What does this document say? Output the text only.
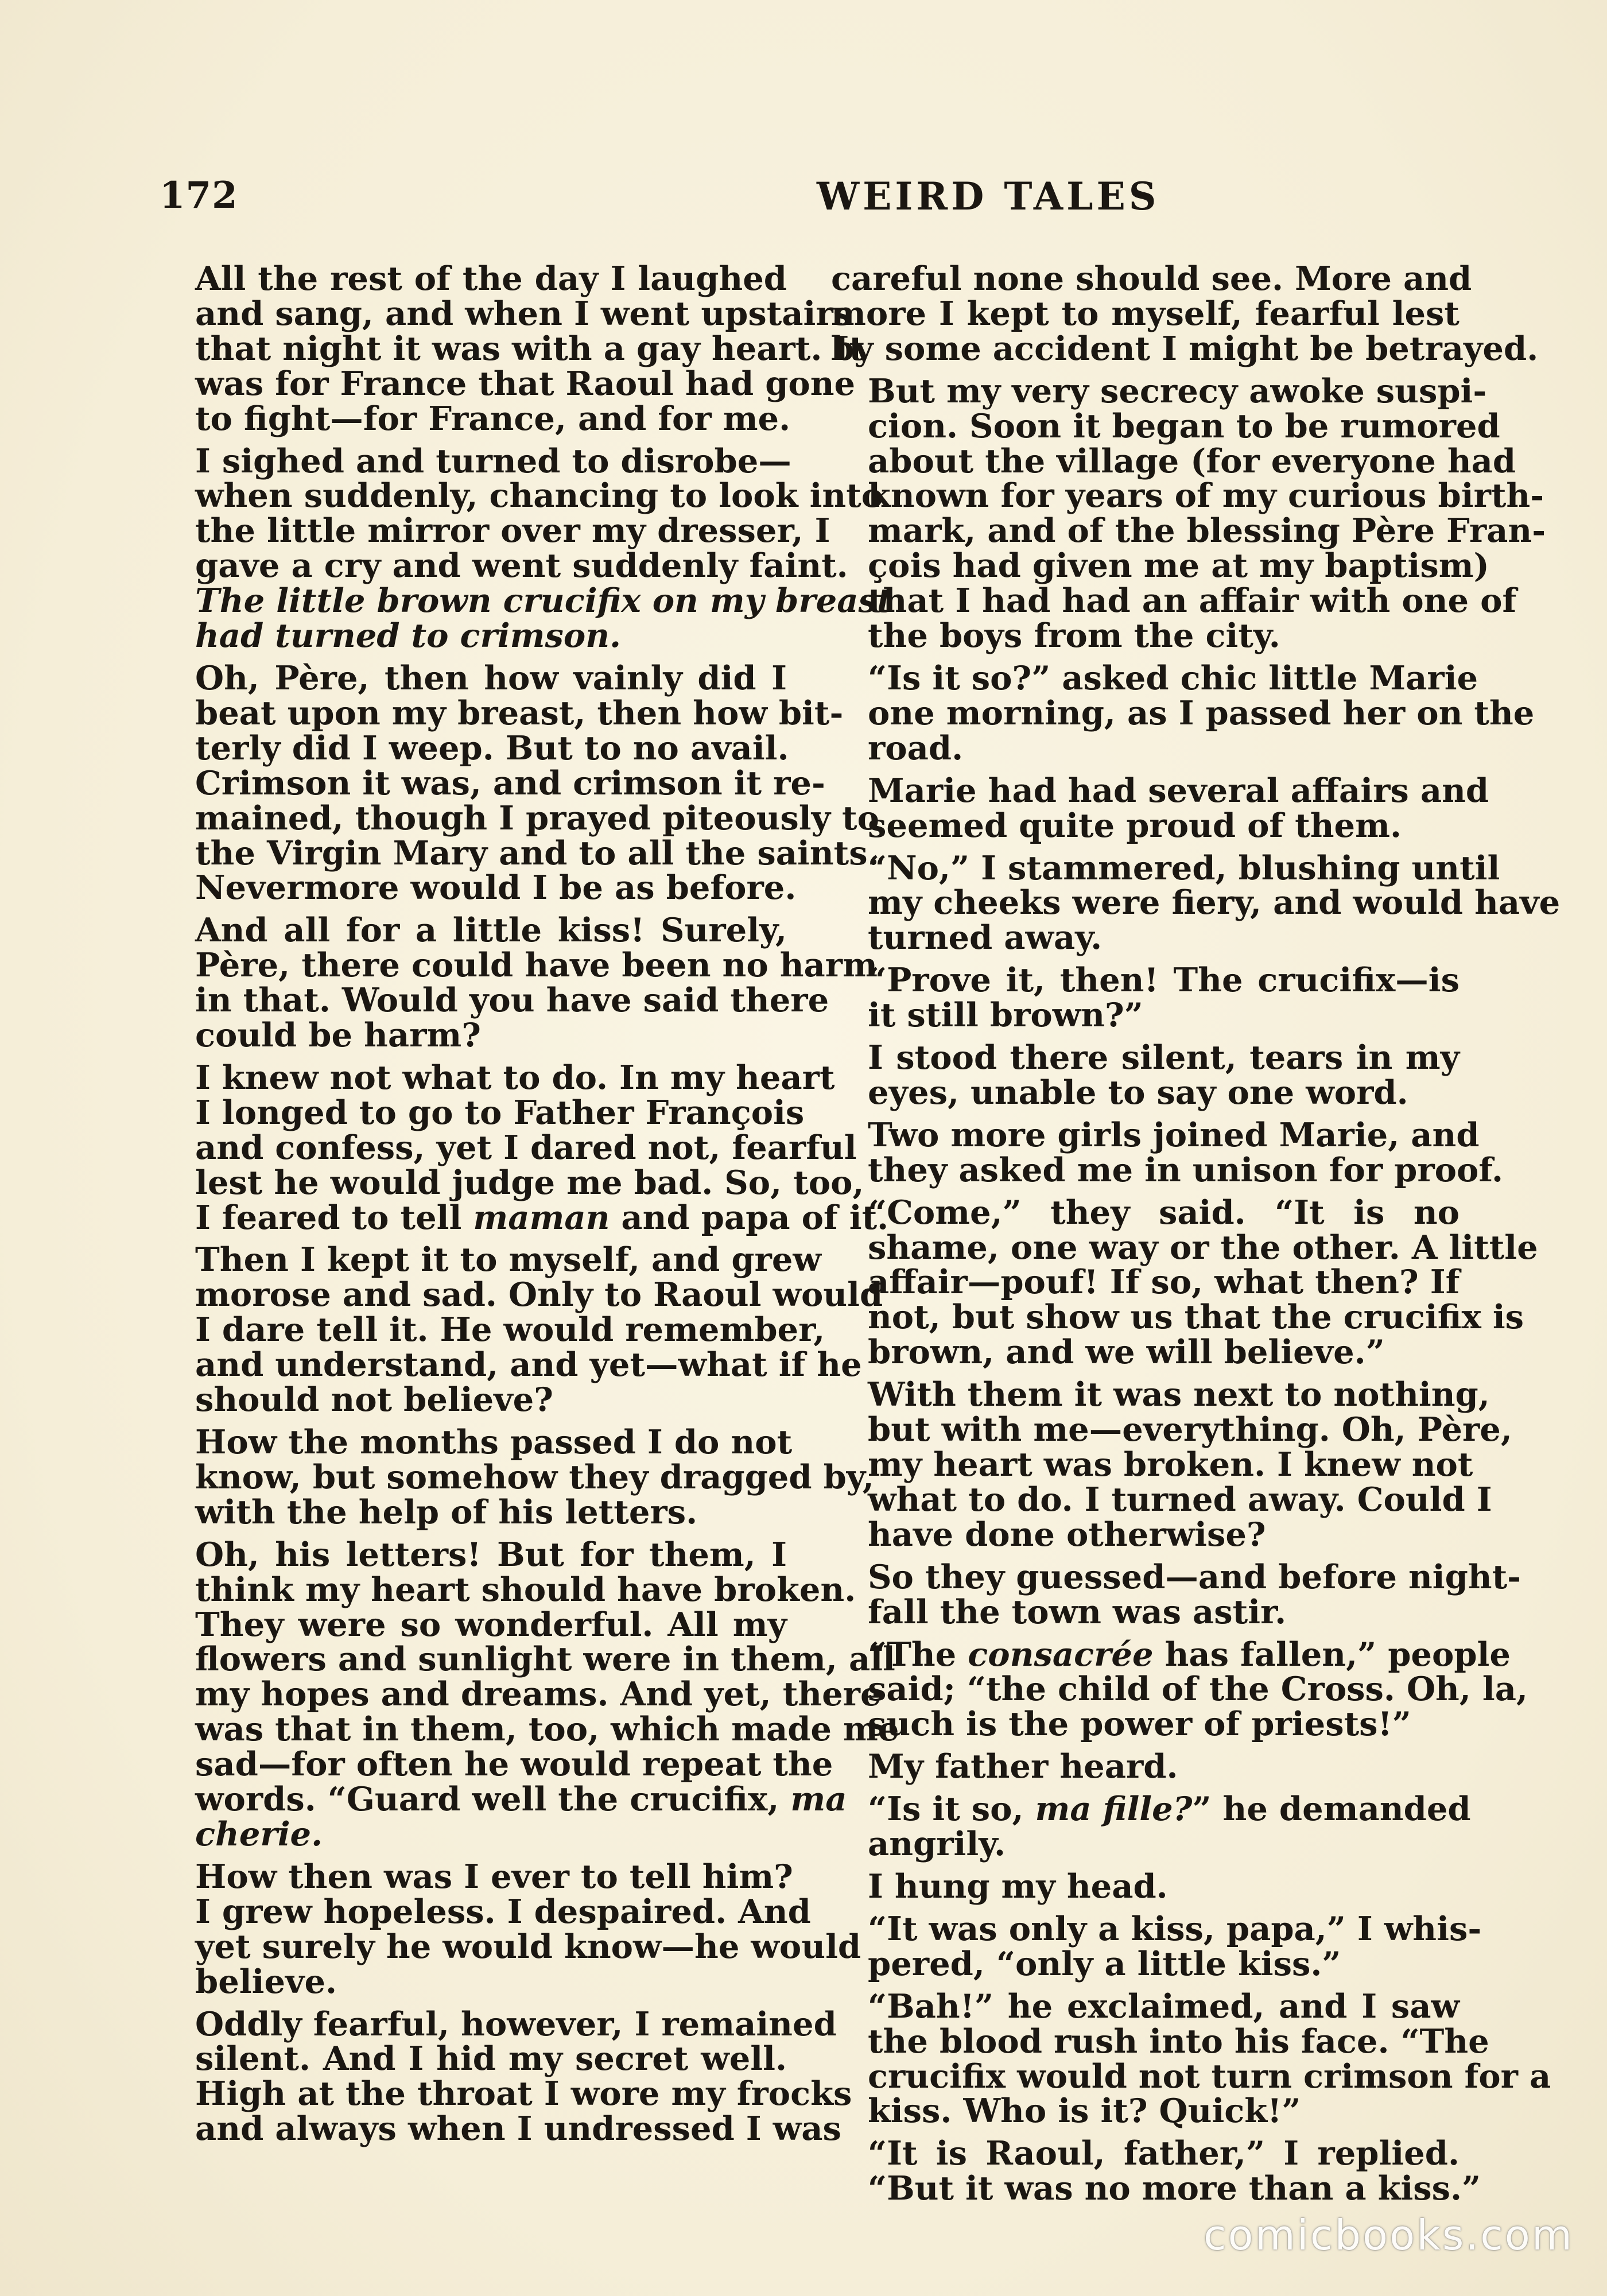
172	WEIRD TALES
All the rest of the day I laughed
and sang, and when I went upstairs
that night it was with a gay heart. It
was for France that Raoul had gone
to fight—for France, and for me.
I sighed and turned to disrobe—
when suddenly, chancing to look into
the little mirror over my dresser, I
gave a cry and went suddenly faint.
The little brown crucifix on my breast
had turned to crimson.
Oh, Père, then how vainly did I
beat upon my breast, then how bit-
terly did I weep. But to no avail.
Crimson it was, and crimson it re-
mained, though I prayed piteously to
the Virgin Mary and to all the saints.
Nevermore would I be as before.
And all for a little kiss! Surely,
Père, there could have been no harm
in that. Would you have said there
could be harm?
I knew not what to do. In my heart
I longed to go to Father François
and confess, yet I dared not, fearful
lest he would judge me bad. So, too,
I feared to tell maman and papa of it.
Then I kept it to myself, and grew
morose and sad. Only to Raoul would
I dare tell it. He would remember,
and understand, and yet—what if he
should not believe?
How the months passed I do not
know, but somehow they dragged by,
with the help of his letters.
Oh, his letters! But for them, I
think my heart should have broken.
They were so wonderful. All my
flowers and sunlight were in them, all
my hopes and dreams. And yet, there
was that in them, too, which made me
sad—for often he would repeat the
words. “Guard well the crucifix, ma
cherie.
How then was I ever to tell him?
I grew hopeless. I despaired. And
yet surely he would know—he would
believe.
Oddly fearful, however, I remained
silent. And I hid my secret well.
High at the throat I wore my frocks
and always when I undressed I was
careful none should see. More and
more I kept to myself, fearful lest
by some accident I might be betrayed.
But my very secrecy awoke suspi-
cion. Soon it began to be rumored
about the village (for everyone had
known for years of my curious birth-
mark, and of the blessing Père Fran-
çois had given me at my baptism)
that I had had an affair with one of
the boys from the city.
“Is it so?” asked chic little Marie
one morning, as I passed her on the
road.
Marie had had several affairs and
seemed quite proud of them.
“No,” I stammered, blushing until
my cheeks were fiery, and would have
turned away.
“Prove it, then! The crucifix—is
it still brown?”
I stood there silent, tears in my
eyes, unable to say one word.
Two more girls joined Marie, and
they asked me in unison for proof.
“Come,” they said. “It is no
shame, one way or the other. A little
affair—pouf! If so, what then? If
not, but show us that the crucifix is
brown, and we will believe.”
With them it was next to nothing,
but with me—everything. Oh, Père,
my heart was broken. I knew not
what to do. I turned away. Could I
have done otherwise?
So they guessed—and before night-
fall the town was astir.
“The consacrée has fallen,” people
said; “the child of the Cross. Oh, la,
such is the power of priests!”
My father heard.
“Is it so, ma fille?” he demanded
angrily.
I hung my head.
“It was only a kiss, papa,” I whis-
pered, “only a little kiss.”
“Bah!” he exclaimed, and I saw
the blood rush into his face. “The
crucifix would not turn crimson for a
kiss. Who is it? Quick!”
“It is Raoul, father,” I replied.
“But it was no more than a kiss.”
comicbooks.com
